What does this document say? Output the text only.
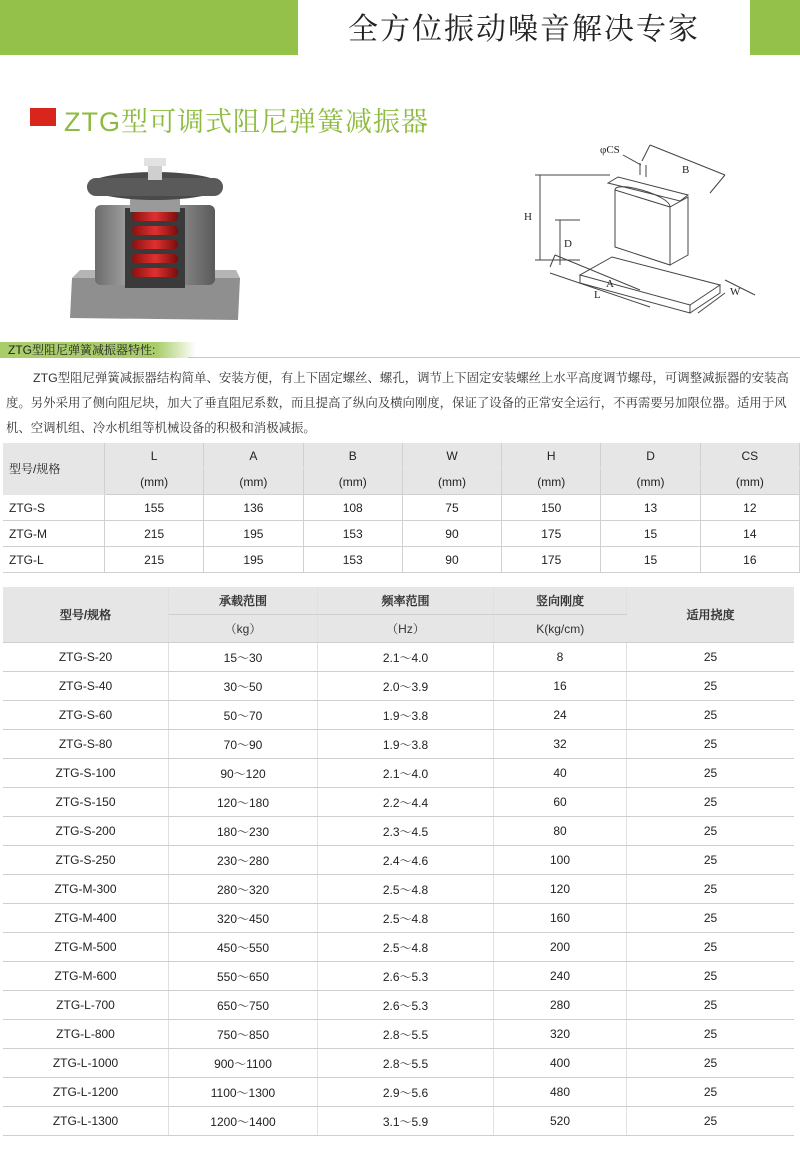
全方位振动噪音解决专家
ZTG型可调式阻尼弹簧减振器
φCS
B
H
D
A
L	W
ZTG型阻尼弹簧减振器特性:
ZTG型阻尼弹簧减振器结构简单、安装方便，有上下固定螺丝、螺孔，调节上下固定安装螺丝上水平高度调节螺母，可调整减振器的安装高度。另外采用了侧向阻尼块，加大了垂直阻尼系数，而且提高了纵向及横向刚度，保证了设备的正常安全运行，不再需要另加限位器。适用于风机、空调机组、冷水机组等机械设备的积极和消极减振。
型号/规格	L	A	B	W	H	D	CS
	(mm)	(mm)	(mm)	(mm)	(mm)	(mm)	(mm)
ZTG-S	155	136	108	75	150	13	12
ZTG-M	215	195	153	90	175	15	14
ZTG-L	215	195	153	90	175	15	16
型号/规格	承载范围	频率范围	竖向刚度	适用挠度
	（kg）	（Hz）	K(kg/cm)	
ZTG-S-20	15～30	2.1～4.0	8	25
ZTG-S-40	30～50	2.0～3.9	16	25
ZTG-S-60	50～70	1.9～3.8	24	25
ZTG-S-80	70～90	1.9～3.8	32	25
ZTG-S-100	90～120	2.1～4.0	40	25
ZTG-S-150	120～180	2.2～4.4	60	25
ZTG-S-200	180～230	2.3～4.5	80	25
ZTG-S-250	230～280	2.4～4.6	100	25
ZTG-M-300	280～320	2.5～4.8	120	25
ZTG-M-400	320～450	2.5～4.8	160	25
ZTG-M-500	450～550	2.5～4.8	200	25
ZTG-M-600	550～650	2.6～5.3	240	25
ZTG-L-700	650～750	2.6～5.3	280	25
ZTG-L-800	750～850	2.8～5.5	320	25
ZTG-L-1000	900～1100	2.8～5.5	400	25
ZTG-L-1200	1100～1300	2.9～5.6	480	25
ZTG-L-1300	1200～1400	3.1～5.9	520	25
